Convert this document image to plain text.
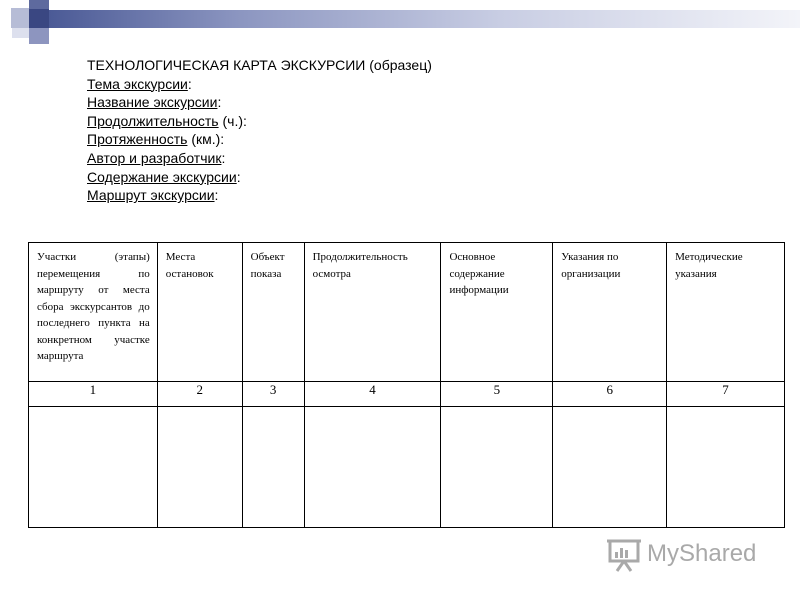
ТЕХНОЛОГИЧЕСКАЯ КАРТА ЭКСКУРСИИ (образец)
Тема экскурсии:
Название экскурсии:
Продолжительность (ч.):
Протяженность (км.):
Автор и разработчик:
Содержание экскурсии:
Маршрут экскурсии:
Участки (этапы) перемещения по маршруту от места сбора экскурсантов до последнего пункта на конкретном участке маршрута	Места остановок	Объект показа	Продолжительность осмотра	Основное содержание информации	Указания по организации	Методические указания
1	2	3	4	5	6	7

MyShared
